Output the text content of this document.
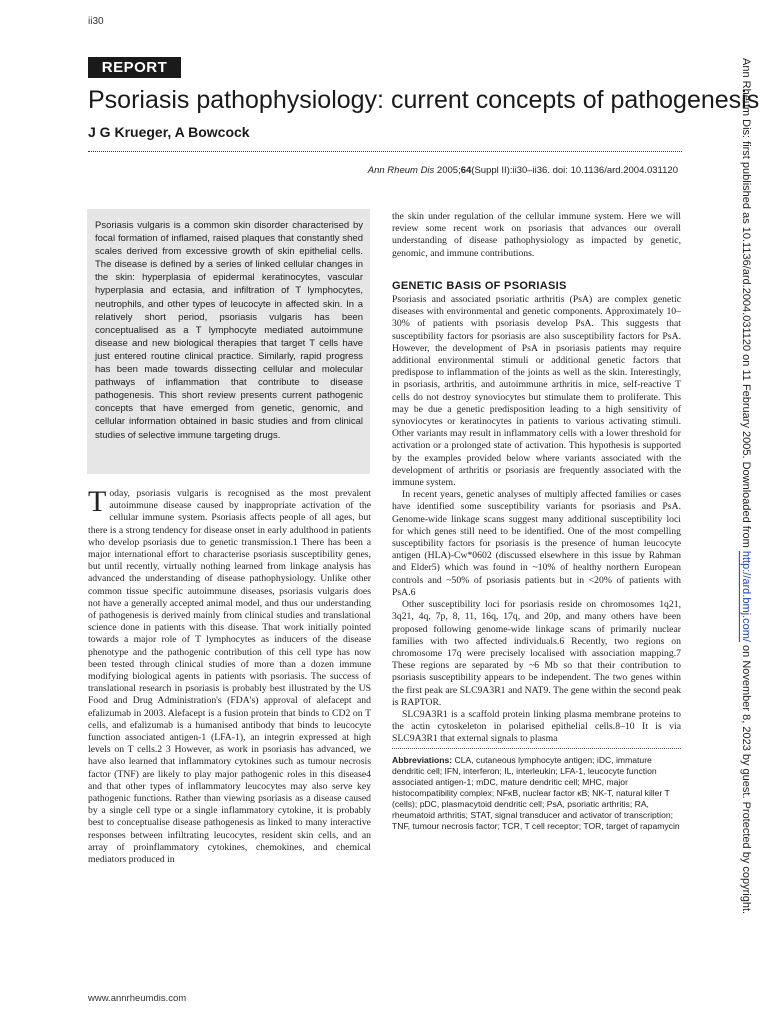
ii30
REPORT
Psoriasis pathophysiology: current concepts of pathogenesis
J G Krueger, A Bowcock
Ann Rheum Dis 2005;64(Suppl II):ii30–ii36. doi: 10.1136/ard.2004.031120
Psoriasis vulgaris is a common skin disorder characterised by focal formation of inflamed, raised plaques that constantly shed scales derived from excessive growth of skin epithelial cells. The disease is defined by a series of linked cellular changes in the skin: hyperplasia of epidermal keratinocytes, vascular hyperplasia and ectasia, and infiltration of T lymphocytes, neutrophils, and other types of leucocyte in affected skin. In a relatively short period, psoriasis vulgaris has been conceptualised as a T lymphocyte mediated autoimmune disease and new biological therapies that target T cells have just entered routine clinical practice. Similarly, rapid progress has been made towards dissecting cellular and molecular pathways of inflammation that contribute to disease pathogenesis. This short review presents current pathogenic concepts that have emerged from genetic, genomic, and cellular information obtained in basic studies and from clinical studies of selective immune targeting drugs.

Today, psoriasis vulgaris is recognised as the most prevalent autoimmune disease caused by inappropriate activation of the cellular immune system. Psoriasis affects people of all ages, but there is a strong tendency for disease onset in early adulthood in patients who develop psoriasis due to genetic transmission.1 There has been a major international effort to characterise psoriasis susceptibility genes, but until recently, virtually nothing learned from linkage analysis has advanced the understanding of disease pathophysiology. Unlike other common tissue specific autoimmune diseases, psoriasis vulgaris does not have a generally accepted animal model, and thus our understanding of pathogenesis is derived mainly from clinical studies and translational science done in patients with this disease. That work initially pointed towards a major role of T lymphocytes as inducers of the disease phenotype and the pathogenic contribution of this cell type has now been tested through clinical studies of more than a dozen immune modifying biological agents in patients with psoriasis. The success of translational research in psoriasis is probably best illustrated by the US Food and Drug Administration's (FDA's) approval of alefacept and efalizumab in 2003. Alefacept is a fusion protein that binds to CD2 on T cells, and efalizumab is a humanised antibody that binds to leucocyte function associated antigen-1 (LFA-1), an integrin expressed at high levels on T cells.2 3 However, as work in psoriasis has advanced, we have also learned that inflammatory cytokines such as tumour necrosis factor (TNF) are likely to play major pathogenic roles in this disease4 and that other types of inflammatory leucocytes may also serve key pathogenic functions. Rather than viewing psoriasis as a disease caused by a single cell type or a single inflammatory cytokine, it is probably best to conceptualise disease pathogenesis as linked to many interactive responses between infiltrating leucocytes, resident skin cells, and an array of proinflammatory cytokines, chemokines, and chemical mediators produced in

the skin under regulation of the cellular immune system. Here we will review some recent work on psoriasis that advances our overall understanding of disease pathophysiology as impacted by genetic, genomic, and immune contributions.

GENETIC BASIS OF PSORIASIS

Psoriasis and associated psoriatic arthritis (PsA) are complex genetic diseases with environmental and genetic components. Approximately 10–30% of patients with psoriasis develop PsA. This suggests that susceptibility factors for psoriasis are also susceptibility factors for PsA. However, the development of PsA in psoriasis patients may require additional environmental stimuli or additional genetic factors that predispose to inflammation of the joints as well as the skin. Interestingly, in psoriasis, arthritis, and autoimmune arthritis in mice, self-reactive T cells do not destroy synoviocytes but stimulate them to proliferate. This may be due a genetic predisposition leading to a high sensitivity of synoviocytes or keratinocytes in patients to various activating stimuli. Other variants may result in inflammatory cells with a lower threshold for activation or a prolonged state of activation. This hypothesis is supported by the examples provided below where variants associated with the development of arthritis or psoriasis are frequently associated with the immune system.

In recent years, genetic analyses of multiply affected families or cases have identified some susceptibility variants for psoriasis and PsA. Genome-wide linkage scans suggest many additional susceptibility loci for which genes still need to be identified. One of the most compelling susceptibility factors for psoriasis is the presence of human leucocyte antigen (HLA)-Cw*0602 (discussed elsewhere in this issue by Rahman and Elder5) which was found in ~10% of healthy northern European controls and ~50% of psoriasis patients but in <20% of patients with PsA.6

Other susceptibility loci for psoriasis reside on chromosomes 1q21, 3q21, 4q, 7p, 8, 11, 16q, 17q, and 20p, and many others have been proposed following genome-wide linkage scans of primarily nuclear families with two affected individuals.6 Recently, two regions on chromosome 17q were precisely localised with association mapping.7 These regions are separated by ~6 Mb so that their contribution to psoriasis susceptibility appears to be independent. The two genes within the first peak are SLC9A3R1 and NAT9. The gene within the second peak is RAPTOR.

SLC9A3R1 is a scaffold protein linking plasma membrane proteins to the actin cytoskeleton in polarised epithelial cells.8–10 It is via SLC9A3R1 that external signals to plasma

Abbreviations: CLA, cutaneous lymphocyte antigen; iDC, immature dendritic cell; IFN, interferon; IL, interleukin; LFA-1, leucocyte function associated antigen-1; mDC, mature dendritic cell; MHC, major histocompatibility complex; NFκB, nuclear factor κB; NK-T, natural killer T (cells); pDC, plasmacytoid dendritic cell; PsA, psoriatic arthritis; RA, rheumatoid arthritis; STAT, signal transducer and activator of transcription; TNF, tumour necrosis factor; TCR, T cell receptor; TOR, target of rapamycin
www.annrheumdis.com
Ann Rheum Dis: first published as 10.1136/ard.2004.031120 on 11 February 2005. Downloaded from http://ard.bmj.com/ on November 8, 2023 by guest. Protected by copyright.
